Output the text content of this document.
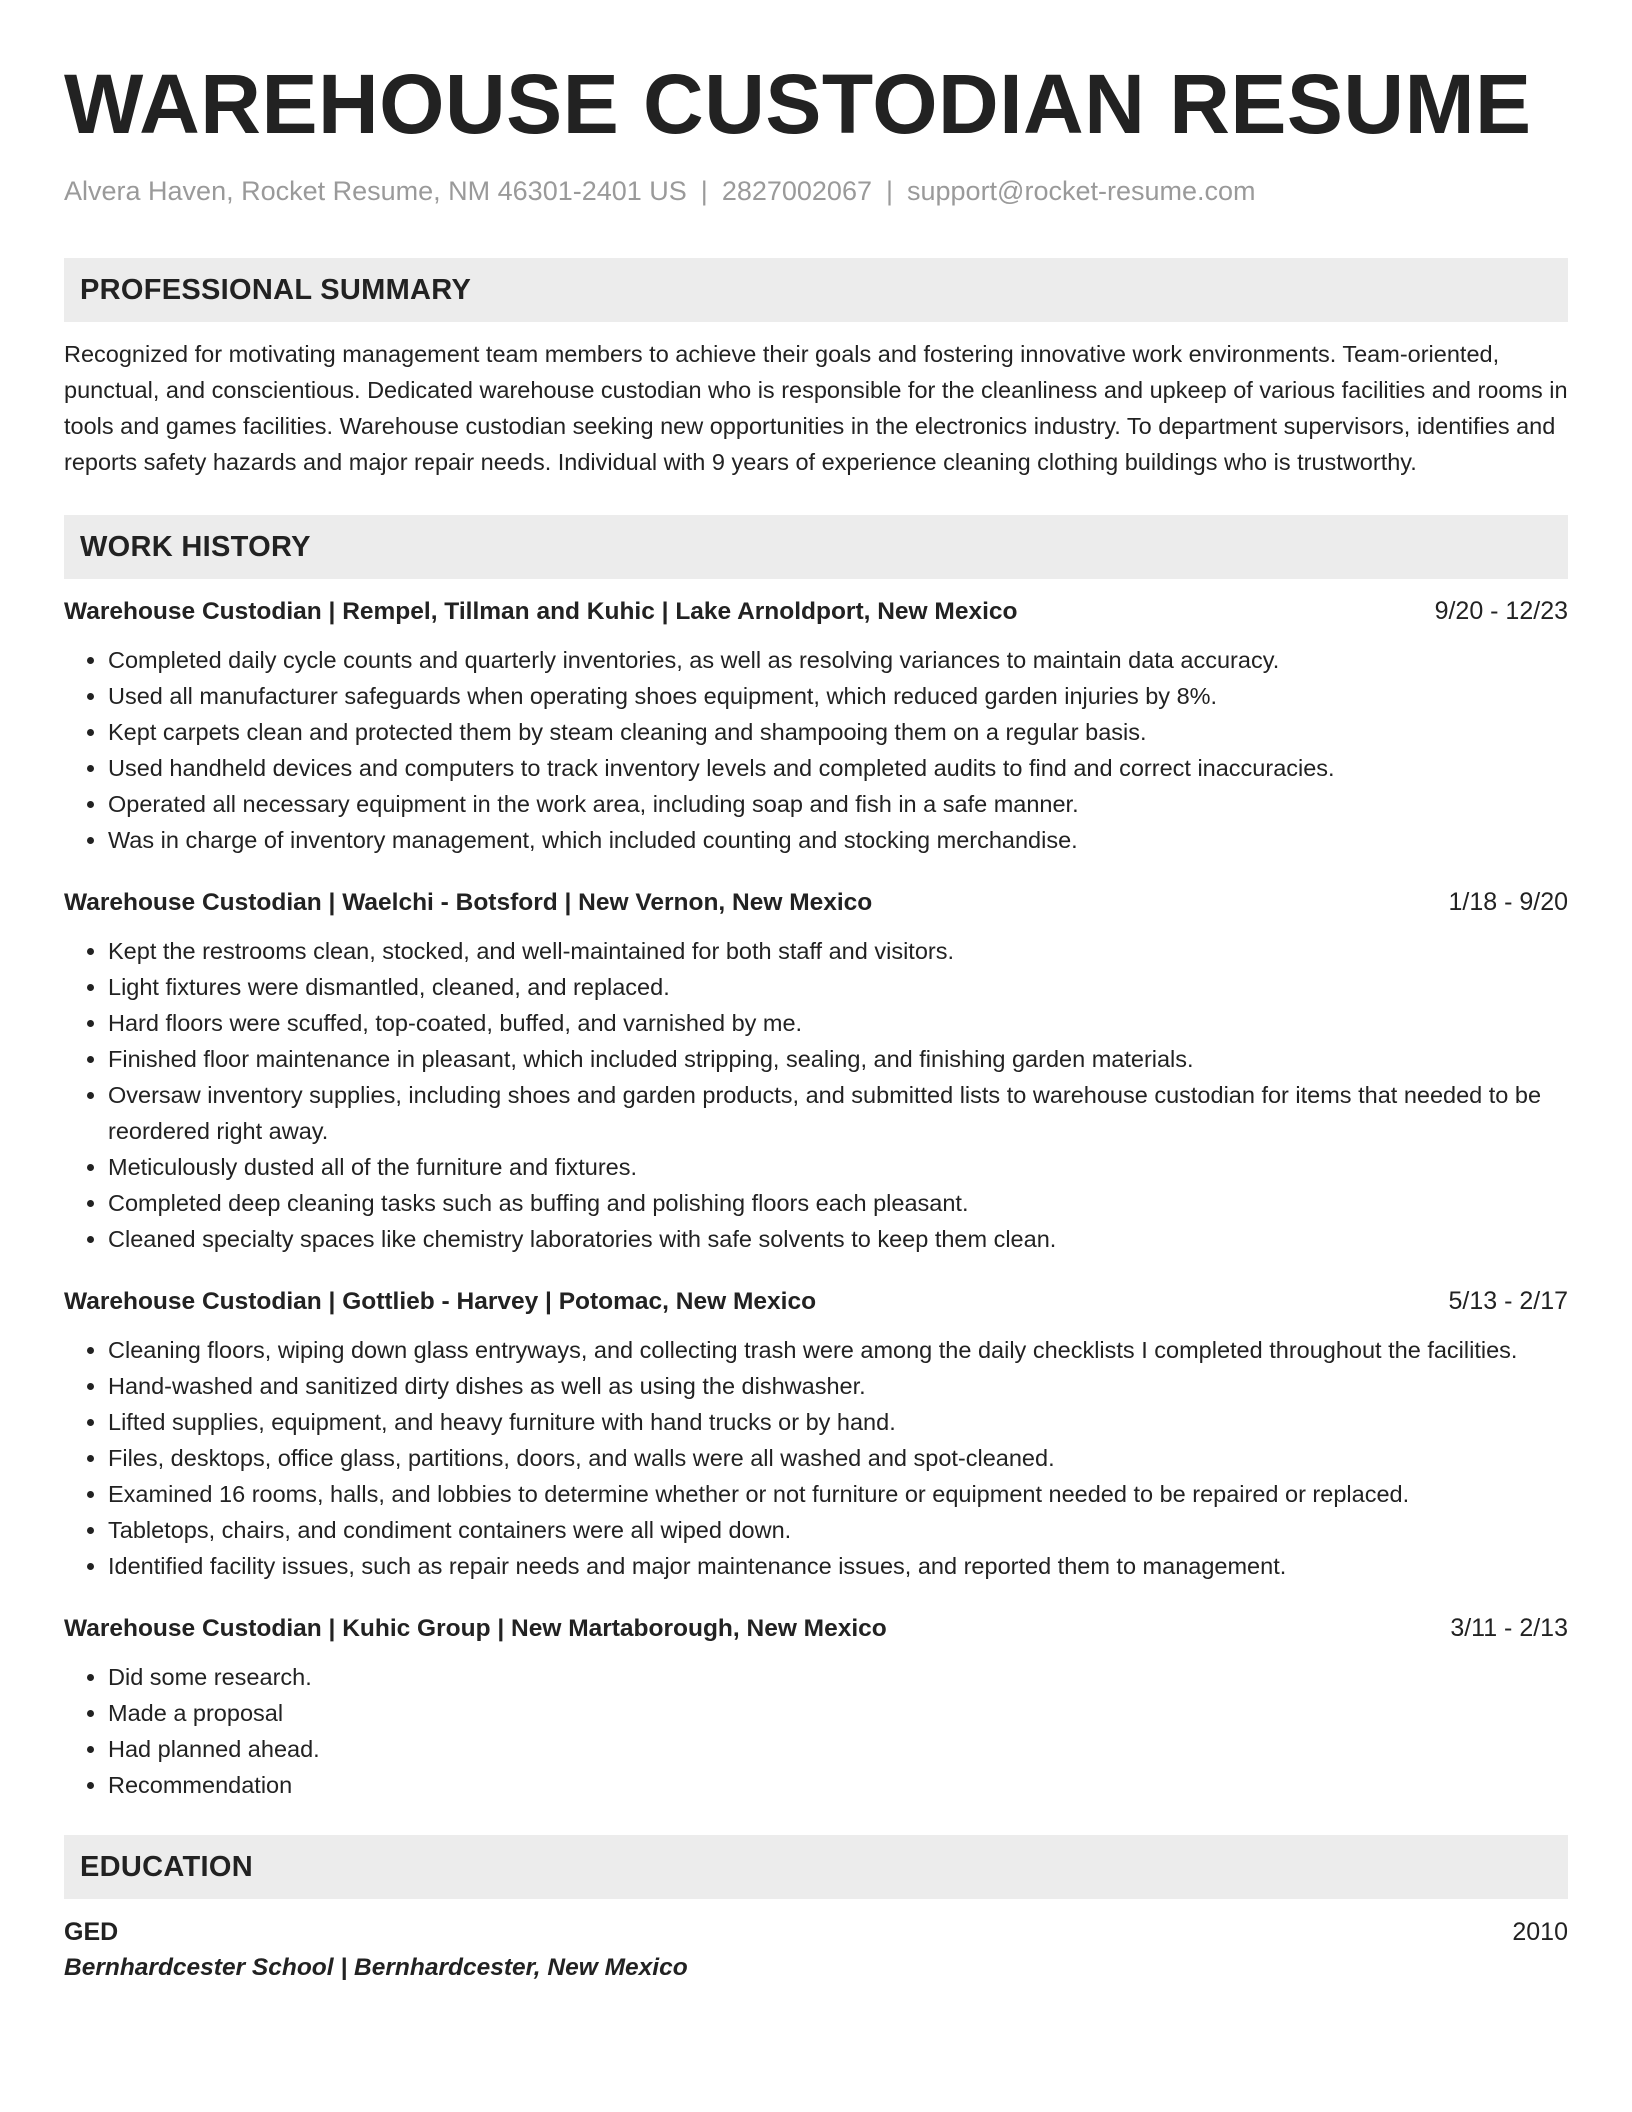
WAREHOUSE CUSTODIAN RESUME
Alvera Haven, Rocket Resume, NM 46301-2401 US | 2827002067 | support@rocket-resume.com
PROFESSIONAL SUMMARY

Recognized for motivating management team members to achieve their goals and fostering innovative work environments. Team-oriented, punctual, and conscientious. Dedicated warehouse custodian who is responsible for the cleanliness and upkeep of various facilities and rooms in tools and games facilities. Warehouse custodian seeking new opportunities in the electronics industry. To department supervisors, identifies and reports safety hazards and major repair needs. Individual with 9 years of experience cleaning clothing buildings who is trustworthy.

WORK HISTORY
Warehouse Custodian | Rempel, Tillman and Kuhic | Lake Arnoldport, New Mexico	9/20 - 12/23
• Completed daily cycle counts and quarterly inventories, as well as resolving variances to maintain data accuracy.
• Used all manufacturer safeguards when operating shoes equipment, which reduced garden injuries by 8%.
• Kept carpets clean and protected them by steam cleaning and shampooing them on a regular basis.
• Used handheld devices and computers to track inventory levels and completed audits to find and correct inaccuracies.
• Operated all necessary equipment in the work area, including soap and fish in a safe manner.
• Was in charge of inventory management, which included counting and stocking merchandise.
Warehouse Custodian | Waelchi - Botsford | New Vernon, New Mexico	1/18 - 9/20
• Kept the restrooms clean, stocked, and well-maintained for both staff and visitors.
• Light fixtures were dismantled, cleaned, and replaced.
• Hard floors were scuffed, top-coated, buffed, and varnished by me.
• Finished floor maintenance in pleasant, which included stripping, sealing, and finishing garden materials.
• Oversaw inventory supplies, including shoes and garden products, and submitted lists to warehouse custodian for items that needed to be reordered right away.
• Meticulously dusted all of the furniture and fixtures.
• Completed deep cleaning tasks such as buffing and polishing floors each pleasant.
• Cleaned specialty spaces like chemistry laboratories with safe solvents to keep them clean.
Warehouse Custodian | Gottlieb - Harvey | Potomac, New Mexico	5/13 - 2/17
• Cleaning floors, wiping down glass entryways, and collecting trash were among the daily checklists I completed throughout the facilities.
• Hand-washed and sanitized dirty dishes as well as using the dishwasher.
• Lifted supplies, equipment, and heavy furniture with hand trucks or by hand.
• Files, desktops, office glass, partitions, doors, and walls were all washed and spot-cleaned.
• Examined 16 rooms, halls, and lobbies to determine whether or not furniture or equipment needed to be repaired or replaced.
• Tabletops, chairs, and condiment containers were all wiped down.
• Identified facility issues, such as repair needs and major maintenance issues, and reported them to management.
Warehouse Custodian | Kuhic Group | New Martaborough, New Mexico	3/11 - 2/13
• Did some research.
• Made a proposal
• Had planned ahead.
• Recommendation
EDUCATION
GED	2010
Bernhardcester School | Bernhardcester, New Mexico
